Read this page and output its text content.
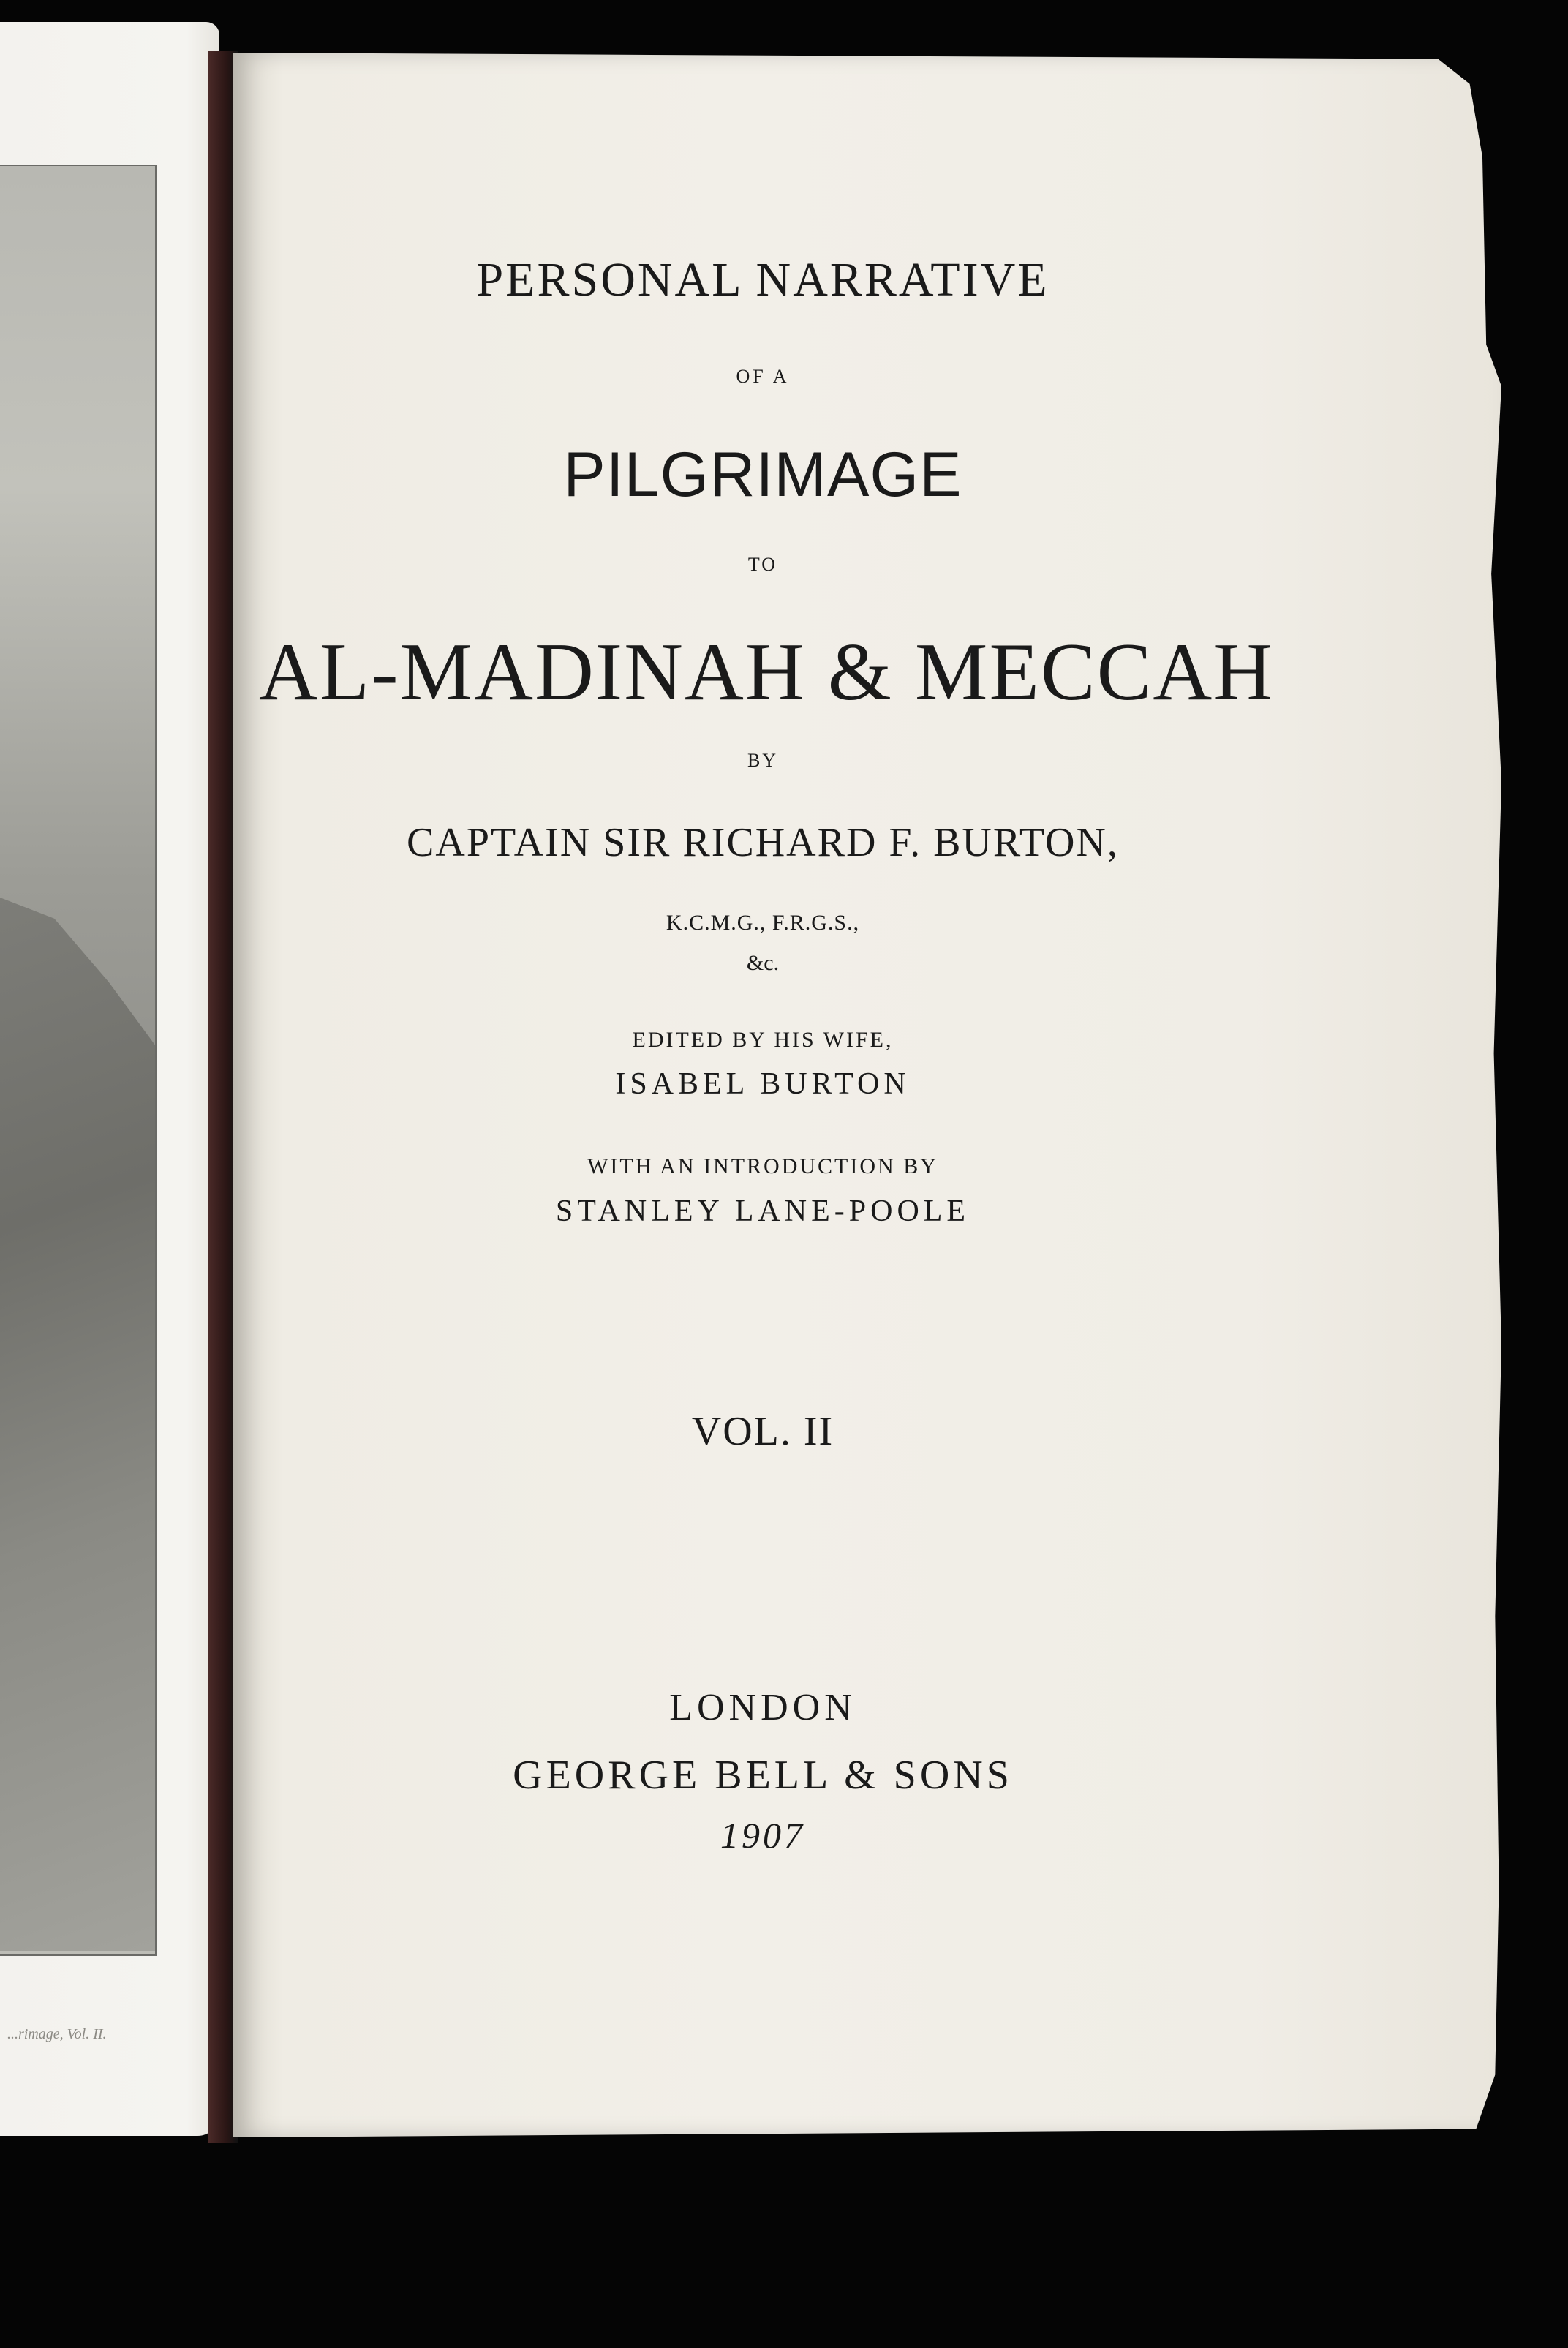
...rimage, Vol. II.
PERSONAL NARRATIVE
OF A
PILGRIMAGE
TO
AL-MADINAH & MECCAH
BY
CAPTAIN SIR RICHARD F. BURTON,
K.C.M.G., F.R.G.S.,
&c.
EDITED BY HIS WIFE,
ISABEL BURTON
WITH AN INTRODUCTION BY
STANLEY LANE-POOLE
VOL. II
LONDON
GEORGE BELL & SONS
1907
